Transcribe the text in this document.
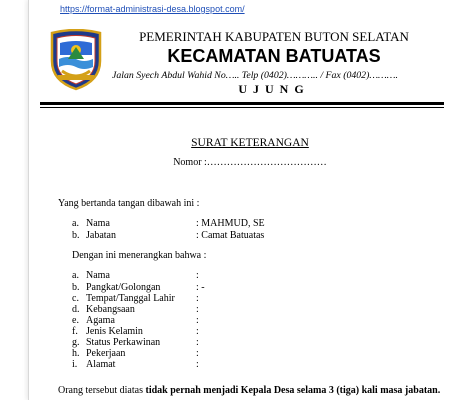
https://format-administrasi-desa.blogspot.com/
PEMERINTAH KABUPATEN BUTON SELATAN
KECAMATAN BATUATAS
Jalan Syech Abdul Wahid No….. Telp (0402)……….. / Fax (0402)……….
UJUNG
SURAT KETERANGAN
Nomor :………………………………
Yang bertanda tangan dibawah ini :
a. Nama	: MAHMUD, SE
b. Jabatan	: Camat Batuatas
Dengan ini menerangkan bahwa :
a. Nama	:
b. Pangkat/Golongan	: -
c. Tempat/Tanggal Lahir :
d. Kebangsaan	:
e. Agama	:
f. Jenis Kelamin	:
g. Status Perkawinan	:
h. Pekerjaan	:
i. Alamat	:
Orang tersebut diatas tidak pernah menjadi Kepala Desa selama 3 (tiga) kali masa jabatan.
